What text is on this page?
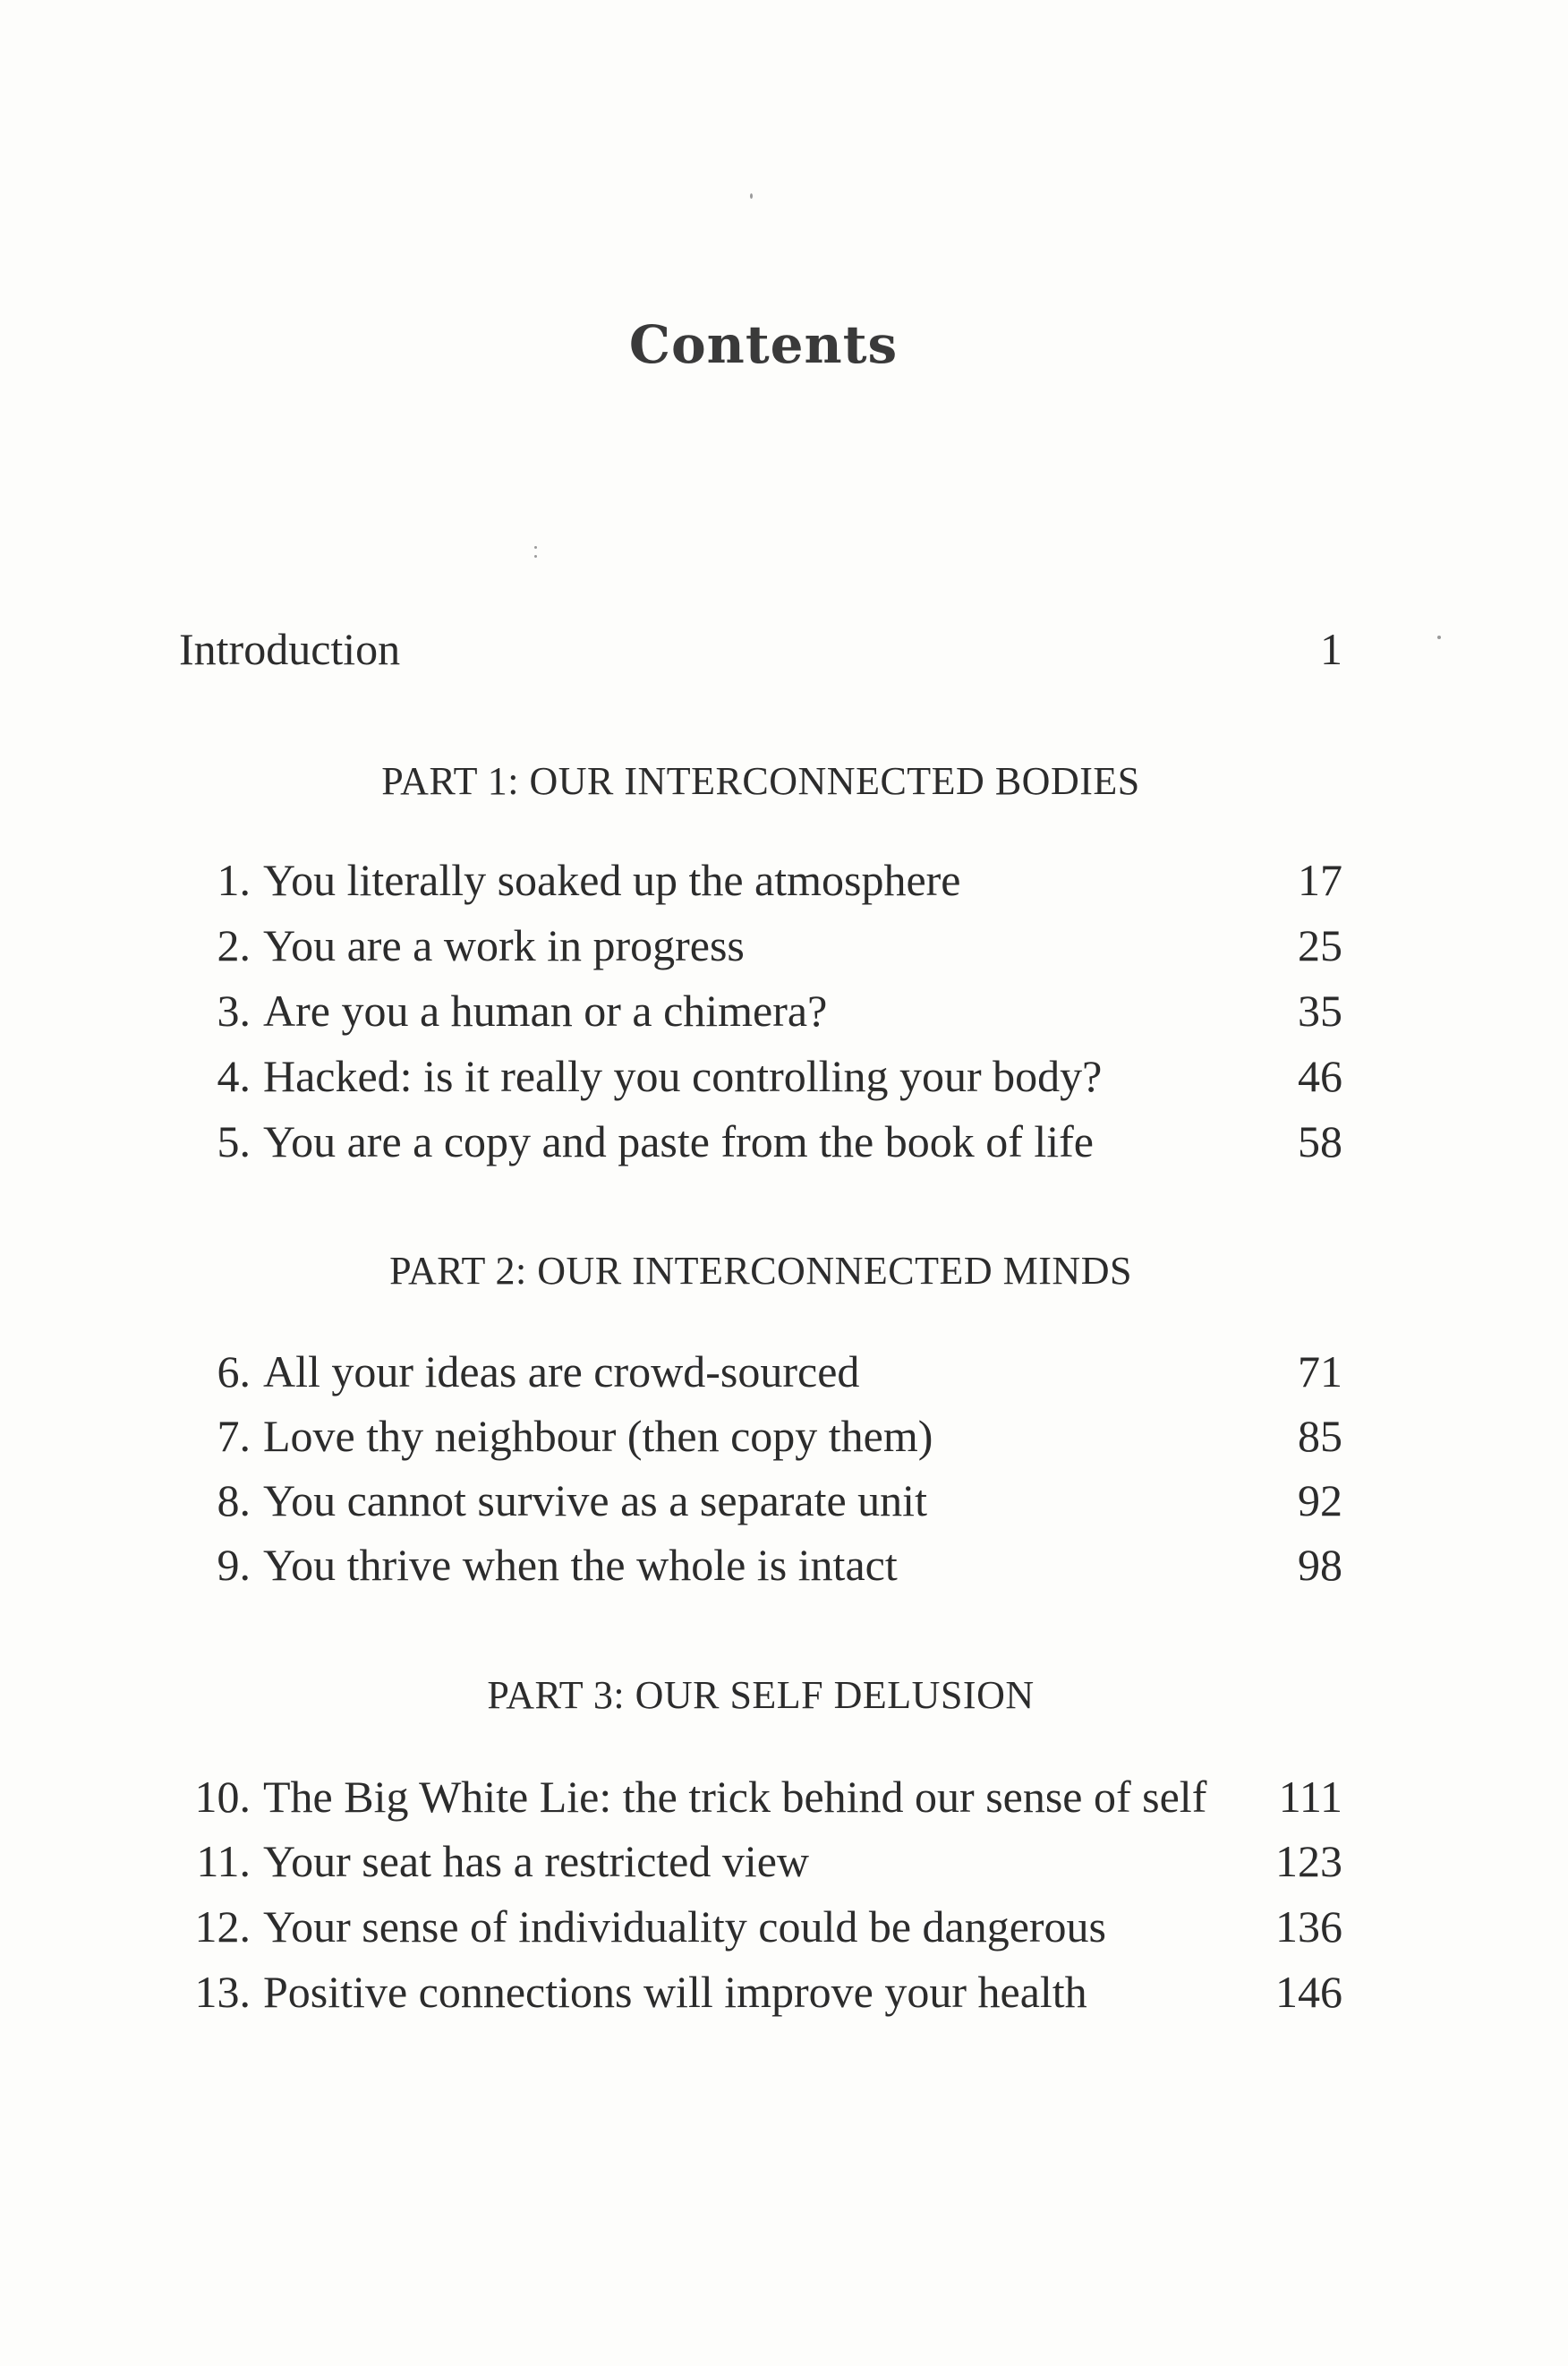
Contents
Introduction	1
PART 1: OUR INTERCONNECTED BODIES
1. You literally soaked up the atmosphere	17
2. You are a work in progress	25
3. Are you a human or a chimera?	35
4. Hacked: is it really you controlling your body?	46
5. You are a copy and paste from the book of life	58
PART 2: OUR INTERCONNECTED MINDS
6. All your ideas are crowd-sourced	71
7. Love thy neighbour (then copy them)	85
8. You cannot survive as a separate unit	92
9. You thrive when the whole is intact	98
PART 3: OUR SELF DELUSION
10. The Big White Lie: the trick behind our sense of self 111
11. Your seat has a restricted view	123
12. Your sense of individuality could be dangerous	136
13. Positive connections will improve your health	146
